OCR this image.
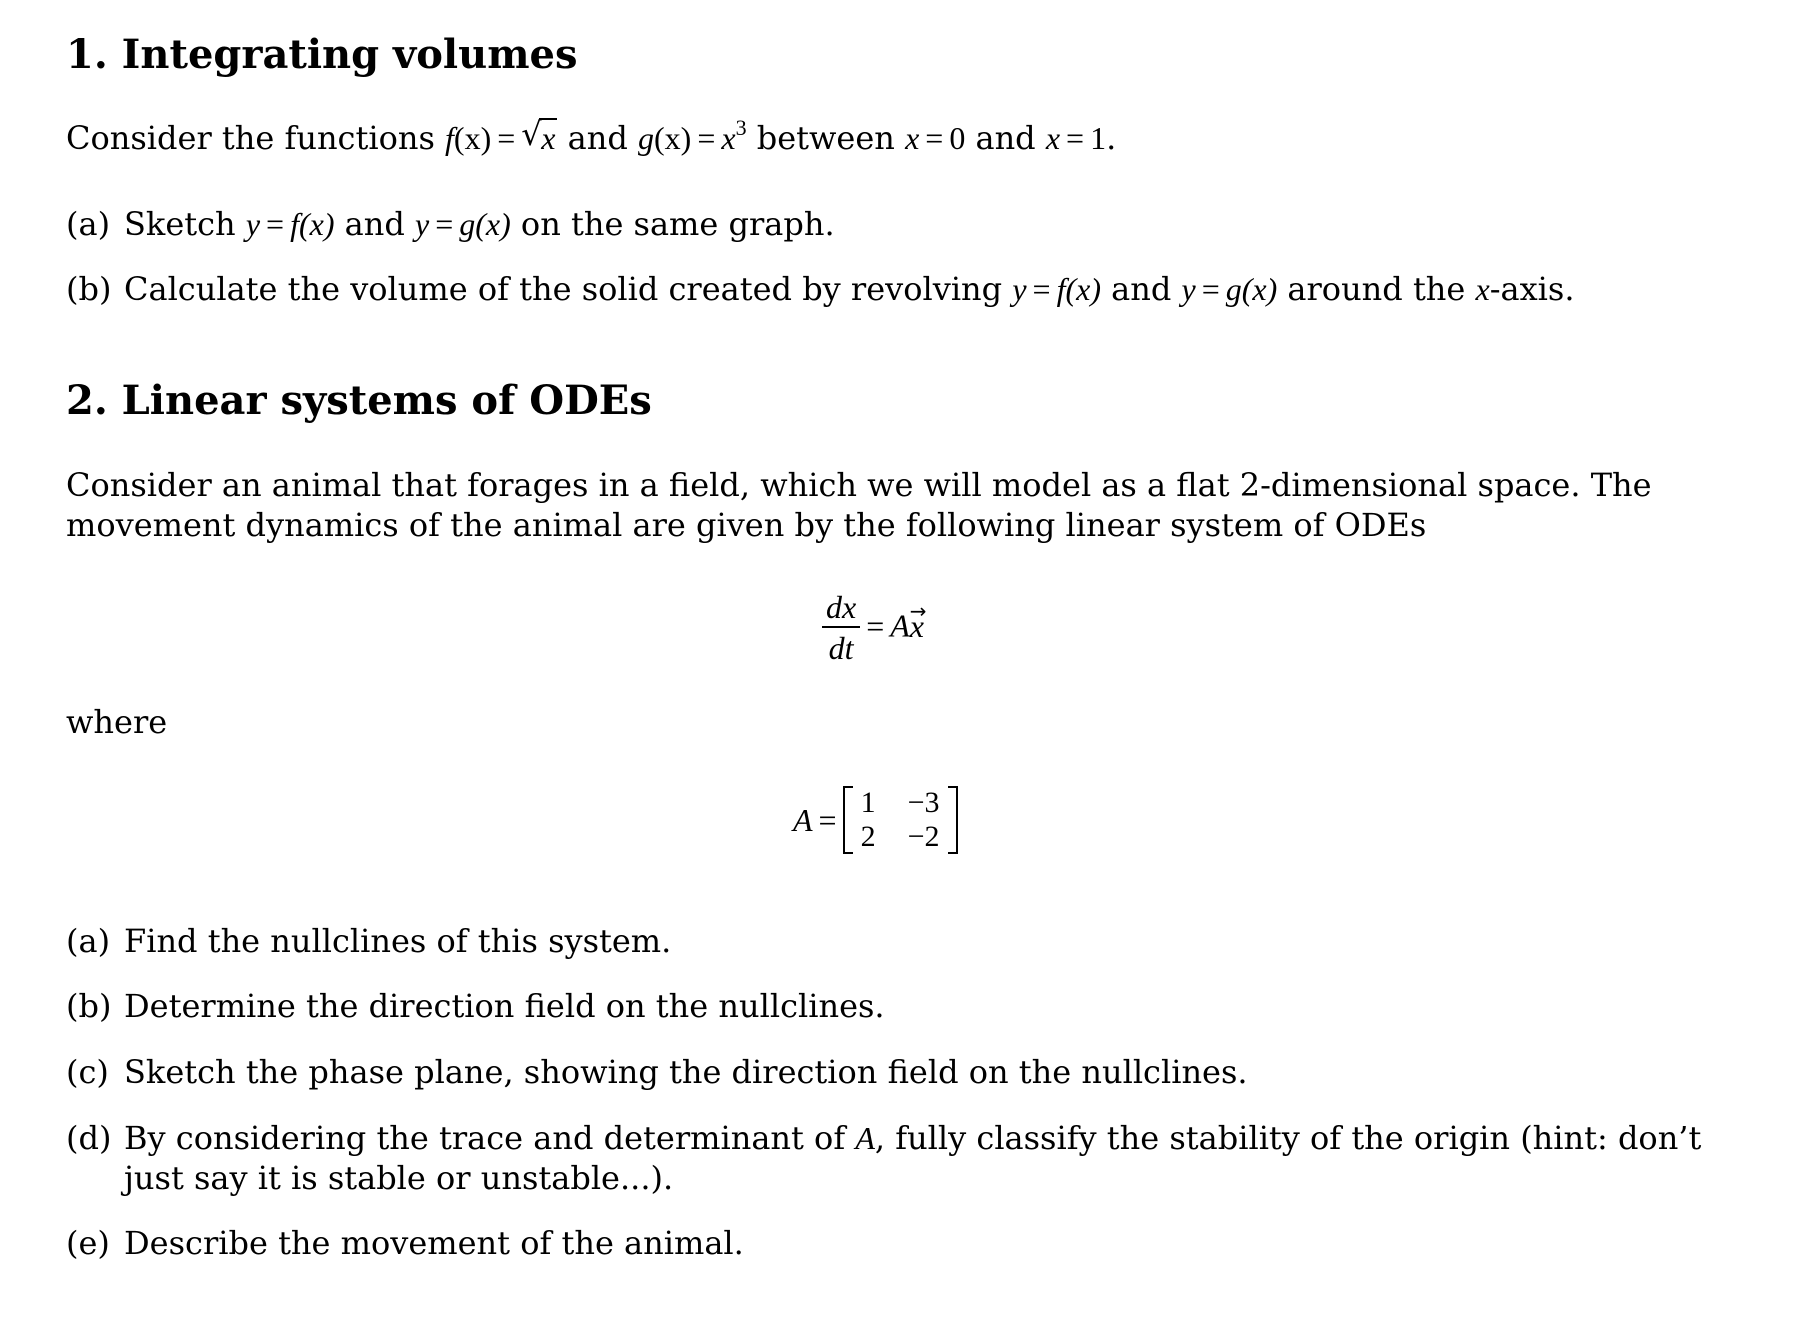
1. Integrating volumes
Consider the functions f(x) = √ x and $g(x) = x^3$ between x = 0 and x = 1.
(a) Sketch y = f(x) and y = g(x) on the same graph.
(b) Calculate the volume of the solid created by revolving y = f(x) and y = g(x) around the x-axis.
2. Linear systems of ODEs
Consider an animal that forages in a field, which we will model as a flat 2-dimensional space. The movement dynamics of the animal are given by the following linear system of ODEs
$\frac{dx}{dt} = A\to x$
where
A = 1	−3
2	−2
(a) Find the nullclines of this system.
(b) Determine the direction field on the nullclines.
(c) Sketch the phase plane, showing the direction field on the nullclines.
(d) By considering the trace and determinant of A, fully classify the stability of the origin (hint: don’t just say it is stable or unstable...).
(e) Describe the movement of the animal.
